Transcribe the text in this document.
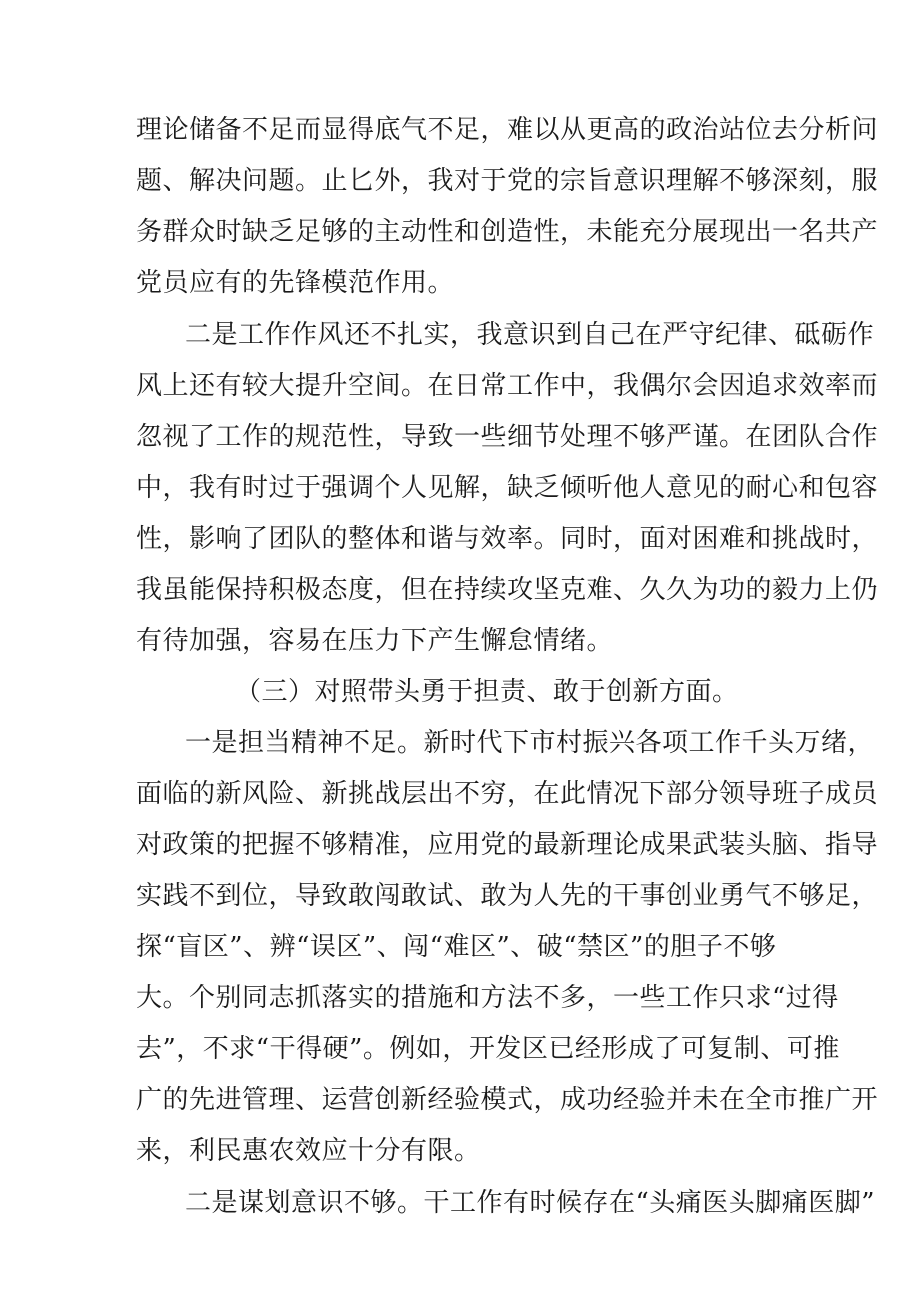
理论储备不足而显得底气不足，难以从更高的政治站位去分析问
题、解决问题。止匕外，我对于党的宗旨意识理解不够深刻，服
务群众时缺乏足够的主动性和创造性，未能充分展现出一名共产
党员应有的先锋模范作用。
二是工作作风还不扎实，我意识到自己在严守纪律、砥砺作
风上还有较大提升空间。在日常工作中，我偶尔会因追求效率而
忽视了工作的规范性，导致一些细节处理不够严谨。在团队合作
中，我有时过于强调个人见解，缺乏倾听他人意见的耐心和包容
性，影响了团队的整体和谐与效率。同时，面对困难和挑战时，
我虽能保持积极态度，但在持续攻坚克难、久久为功的毅力上仍
有待加强，容易在压力下产生懈怠情绪。
（三）对照带头勇于担责、敢于创新方面。
一是担当精神不足。新时代下市村振兴各项工作千头万绪，
面临的新风险、新挑战层出不穷，在此情况下部分领导班子成员
对政策的把握不够精准，应用党的最新理论成果武装头脑、指导
实践不到位，导致敢闯敢试、敢为人先的干事创业勇气不够足，
探“盲区”、辨“误区”、闯“难区”、破“禁区”的胆子不够
大。个别同志抓落实的措施和方法不多，一些工作只求“过得
去”，不求“干得硬”。例如，开发区已经形成了可复制、可推
广的先进管理、运营创新经验模式，成功经验并未在全市推广开
来，利民惠农效应十分有限。
二是谋划意识不够。干工作有时候存在“头痛医头脚痛医脚”
